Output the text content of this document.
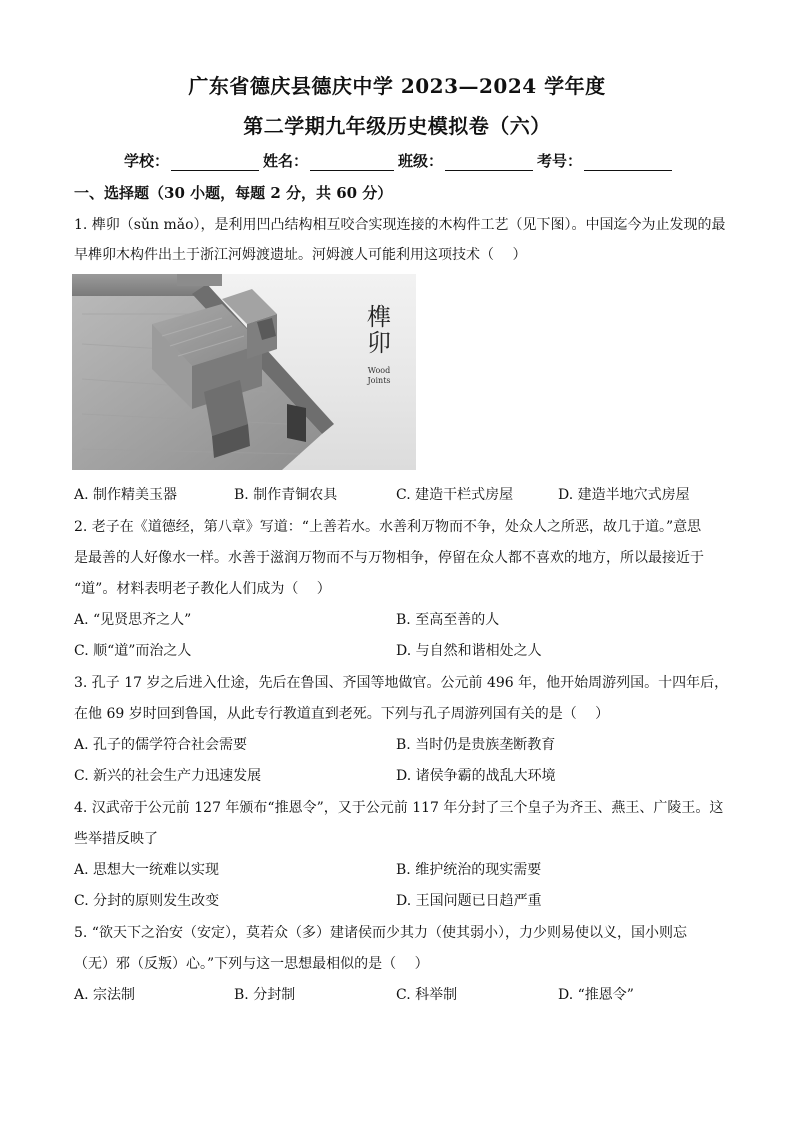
广东省德庆县德庆中学 2023—2024 学年度
第二学期九年级历史模拟卷（六）
学校：	姓名：	班级：	考号：
一、选择题（30 小题，每题 2 分，共 60 分）
1. 榫卯（sǔn mǎo），是利用凹凸结构相互咬合实现连接的木构件工艺（见下图）。中国迄今为止发现的最
早榫卯木构件出土于浙江河姆渡遗址。河姆渡人可能利用这项技术（　 ）
榫
卯
Wood
Joints
A. 制作精美玉器	B. 制作青铜农具	C. 建造干栏式房屋	D. 建造半地穴式房屋
2. 老子在《道德经，第八章》写道：“上善若水。水善利万物而不争，处众人之所恶，故几于道。”意思
是最善的人好像水一样。水善于滋润万物而不与万物相争，停留在众人都不喜欢的地方，所以最接近于
“道”。材料表明老子教化人们成为（　 ）
A. “见贤思齐之人”	B. 至高至善的人
C. 顺“道”而治之人	D. 与自然和谐相处之人
3. 孔子 17 岁之后进入仕途，先后在鲁国、齐国等地做官。公元前 496 年，他开始周游列国。十四年后，
在他 69 岁时回到鲁国，从此专行教道直到老死。下列与孔子周游列国有关的是（　 ）
A. 孔子的儒学符合社会需要	B. 当时仍是贵族垄断教育
C. 新兴的社会生产力迅速发展	D. 诸侯争霸的战乱大环境
4. 汉武帝于公元前 127 年颁布“推恩令”，又于公元前 117 年分封了三个皇子为齐王、燕王、广陵王。这
些举措反映了
A. 思想大一统难以实现	B. 维护统治的现实需要
C. 分封的原则发生改变	D. 王国问题已日趋严重
5. “欲天下之治安（安定），莫若众（多）建诸侯而少其力（使其弱小），力少则易使以义，国小则忘
（无）邪（反叛）心。”下列与这一思想最相似的是（　 ）
A. 宗法制	B. 分封制	C. 科举制	D. “推恩令”
